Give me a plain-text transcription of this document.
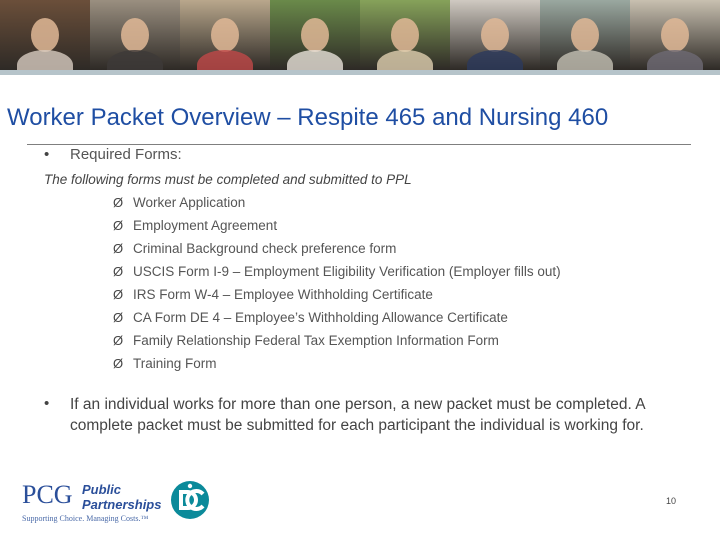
Worker Packet Overview – Respite 465 and Nursing 460
• Required Forms:
The following forms must be completed and submitted to PPL
Ø Worker Application
Ø Employment Agreement
Ø Criminal Background check preference form
Ø USCIS Form I-9 – Employment Eligibility Verification (Employer fills out)
Ø IRS Form W-4 – Employee Withholding Certificate
Ø CA Form DE 4 – Employee’s Withholding Allowance Certificate
Ø Family Relationship Federal Tax Exemption Information Form
Ø Training Form
• If an individual works for more than one person, a new packet must be completed. A complete packet must be submitted for each participant the individual is working for.
PCG Public
Partnerships
Supporting Choice. Managing Costs.™
10
